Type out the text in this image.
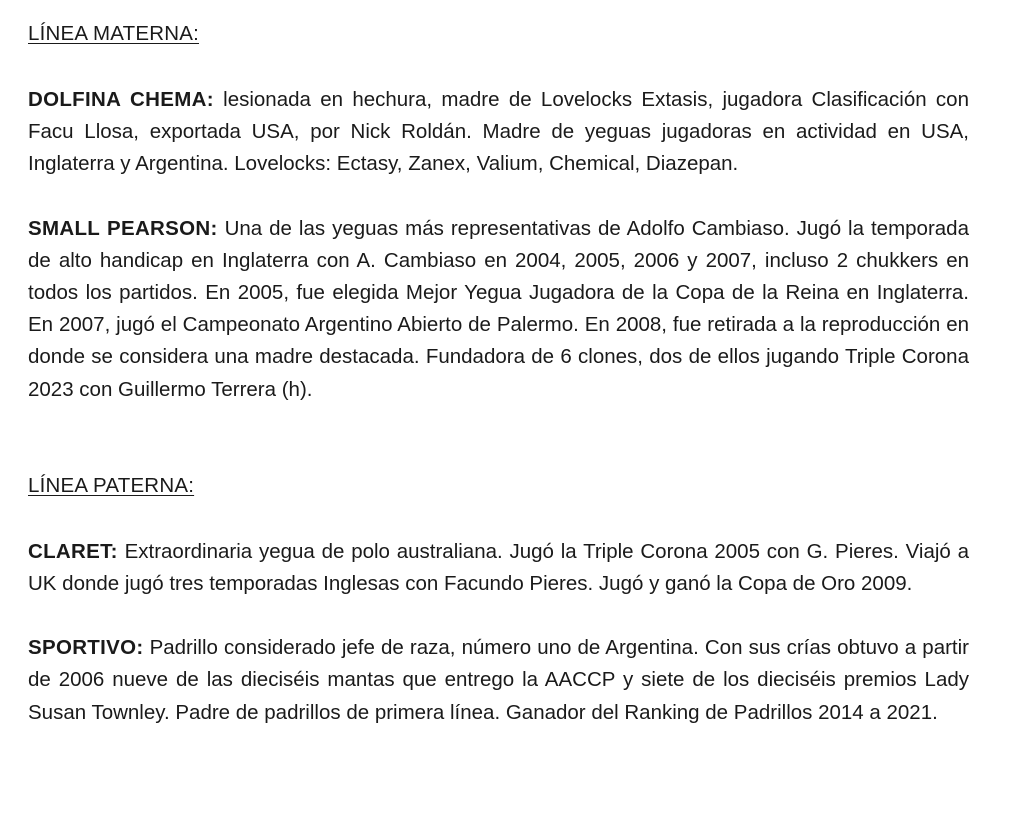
LÍNEA MATERNA:

DOLFINA CHEMA: lesionada en hechura, madre de Lovelocks Extasis, jugadora Clasificación con Facu Llosa, exportada USA, por Nick Roldán. Madre de yeguas jugadoras en actividad en USA, Inglaterra y Argentina. Lovelocks: Ectasy, Zanex, Valium, Chemical, Diazepan.

SMALL PEARSON: Una de las yeguas más representativas de Adolfo Cambiaso. Jugó la temporada de alto handicap en Inglaterra con A. Cambiaso en 2004, 2005, 2006 y 2007, incluso 2 chukkers en todos los partidos. En 2005, fue elegida Mejor Yegua Jugadora de la Copa de la Reina en Inglaterra. En 2007, jugó el Campeonato Argentino Abierto de Palermo. En 2008, fue retirada a la reproducción en donde se considera una madre destacada. Fundadora de 6 clones, dos de ellos jugando Triple Corona 2023 con Guillermo Terrera (h).

LÍNEA PATERNA:

CLARET: Extraordinaria yegua de polo australiana. Jugó la Triple Corona 2005 con G. Pieres. Viajó a UK donde jugó tres temporadas Inglesas con Facundo Pieres. Jugó y ganó la Copa de Oro 2009.

SPORTIVO: Padrillo considerado jefe de raza, número uno de Argentina. Con sus crías obtuvo a partir de 2006 nueve de las dieciséis mantas que entrego la AACCP y siete de los dieciséis premios Lady Susan Townley. Padre de padrillos de primera línea. Ganador del Ranking de Padrillos 2014 a 2021.
